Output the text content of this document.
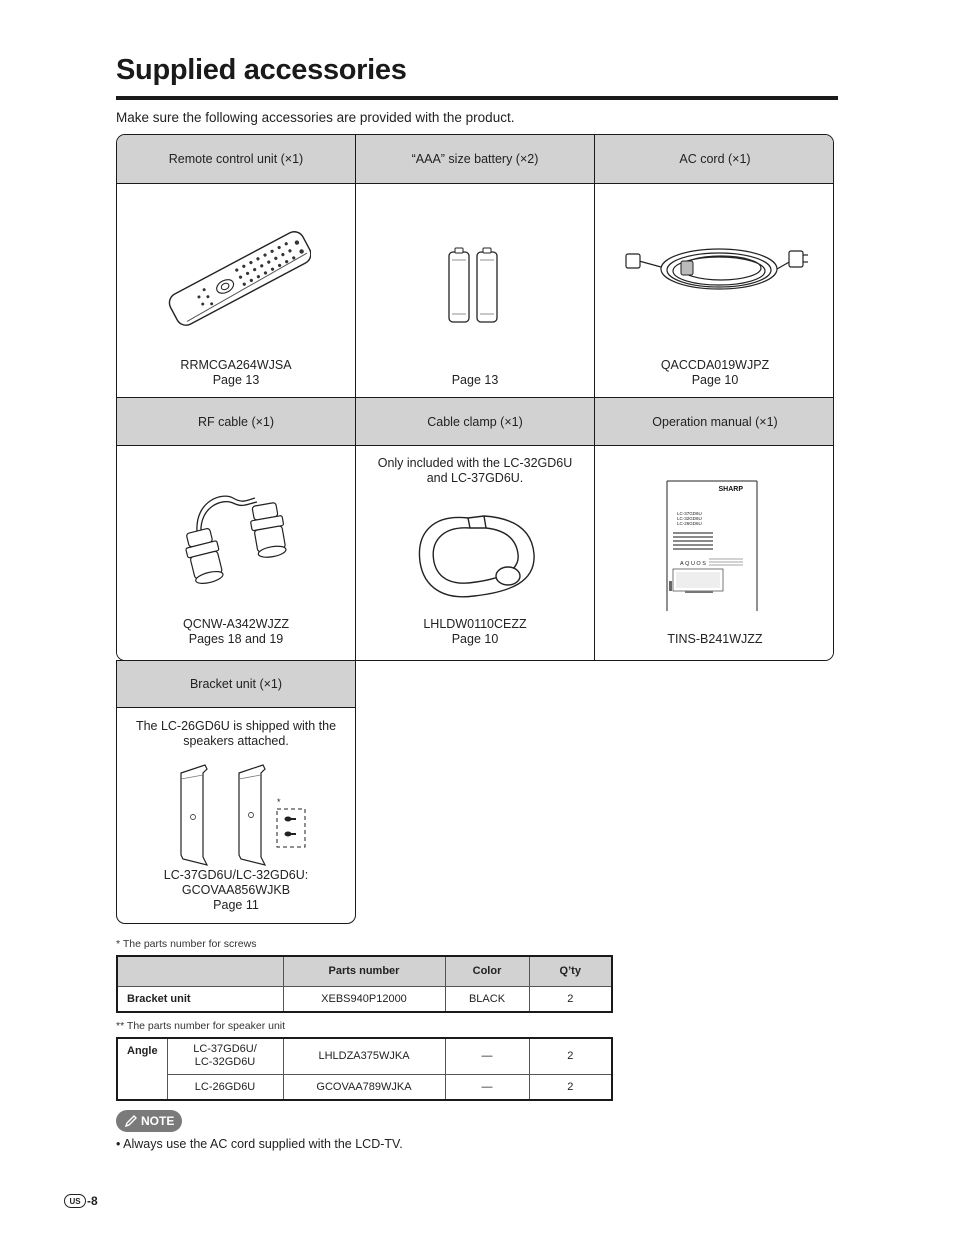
Supplied accessories
Make sure the following accessories are provided with the product.
Remote control unit (×1)	“AAA” size battery (×2)	AC cord (×1)
RRMCGA264WJSA
Page 13	Page 13
QACCDA019WJPZ
Page 10
RF cable (×1)	Cable clamp (×1)	Operation manual (×1)
QCNW-A342WJZZ
Pages 18 and 19
Only included with the LC-32GD6U and LC-37GD6U.
LHLDW0110CEZZ
Page 10
SHARP
LC-37GD6U
LC-32GD6U
LC-26GD6U
AQUOS
TINS-B241WJZZ
Bracket unit (×1)
The LC-26GD6U is shipped with the speakers attached.
*
LC-37GD6U/LC-32GD6U:
GCOVAA856WJKB
Page 11
* The parts number for screws
	Parts number	Color	Q’ty
Bracket unit	XEBS940P12000	BLACK	2
** The parts number for speaker unit
Angle	LC-37GD6U/
LC-32GD6U	LHLDZA375WJKA	—	2
	LC-26GD6U	GCOVAA789WJKA	—	2
NOTE
• Always use the AC cord supplied with the LCD-TV.
US -8
